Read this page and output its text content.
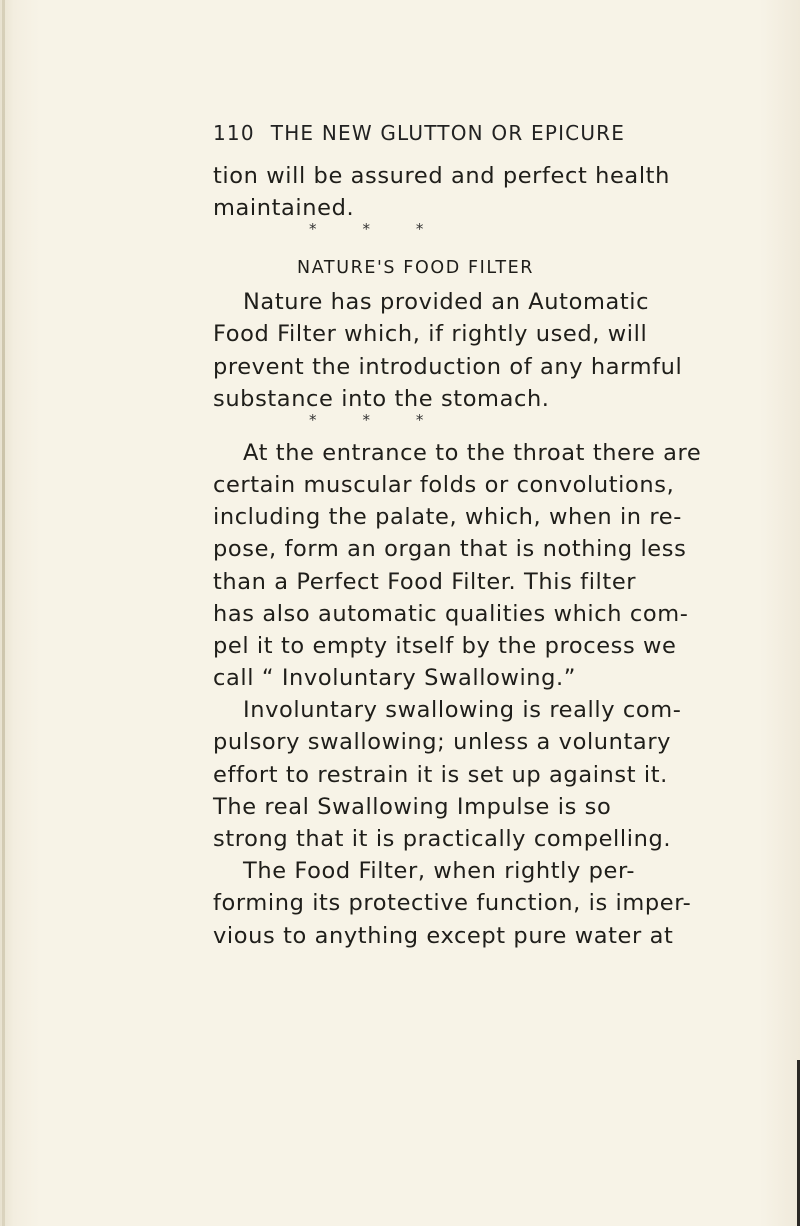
110 THE NEW GLUTTON OR EPICURE
tion will be assured and perfect health
maintained.
* * *
NATURE'S FOOD FILTER
Nature has provided an Automatic
Food Filter which, if rightly used, will
prevent the introduction of any harmful
substance into the stomach.
* * *
At the entrance to the throat there are
certain muscular folds or convolutions,
including the palate, which, when in re-
pose, form an organ that is nothing less
than a Perfect Food Filter. This filter
has also automatic qualities which com-
pel it to empty itself by the process we
call “ Involuntary Swallowing.”
Involuntary swallowing is really com-
pulsory swallowing; unless a voluntary
effort to restrain it is set up against it.
The real Swallowing Impulse is so
strong that it is practically compelling.
The Food Filter, when rightly per-
forming its protective function, is imper-
vious to anything except pure water at
